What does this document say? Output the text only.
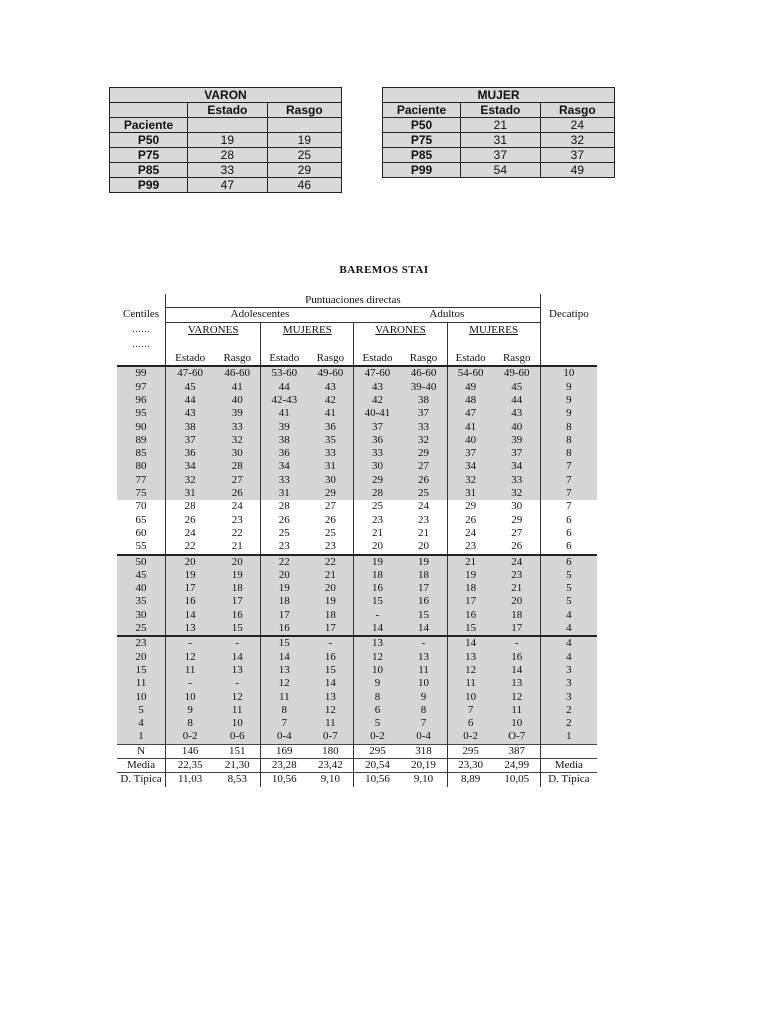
VARON		
	Estado	Rasgo
Paciente		
P50	19	19
P75	28	25
P85	33	29
P99	47	46
MUJER		
Paciente	Estado	Rasgo
P50	21	24
P75	31	32
P85	37	37
P99	54	49
BAREMOS STAI
	Puntuaciones directas								
Centiles	Adolescentes				Adultos				Decatipo
……	VARONES		MUJERES		VARONES		MUJERES		
……									
	Estado	Rasgo	Estado	Rasgo	Estado	Rasgo	Estado	Rasgo	
99	47-60	46-60	53-60	49-60	47-60	46-60	54-60	49-60	10
97	45	41	44	43	43	39-40	49	45	9
96	44	40	42-43	42	42	38	48	44	9
95	43	39	41	41	40-41	37	47	43	9
90	38	33	39	36	37	33	41	40	8
89	37	32	38	35	36	32	40	39	8
85	36	30	36	33	33	29	37	37	8
80	34	28	34	31	30	27	34	34	7
77	32	27	33	30	29	26	32	33	7
75	31	26	31	29	28	25	31	32	7
70	28	24	28	27	25	24	29	30	7
65	26	23	26	26	23	23	26	29	6
60	24	22	25	25	21	21	24	27	6
55	22	21	23	23	20	20	23	26	6
50	20	20	22	22	19	19	21	24	6
45	19	19	20	21	18	18	19	23	5
40	17	18	19	20	16	17	18	21	5
35	16	17	18	19	15	16	17	20	5
30	14	16	17	18	-	15	16	18	4
25	13	15	16	17	14	14	15	17	4
23	-	-	15	-	13	-	14	-	4
20	12	14	14	16	12	13	13	16	4
15	11	13	13	15	10	11	12	14	3
11	-	-	12	14	9	10	11	13	3
10	10	12	11	13	8	9	10	12	3
5	9	11	8	12	6	8	7	11	2
4	8	10	7	11	5	7	6	10	2
1	0-2	0-6	0-4	0-7	0-2	0-4	0-2	O-7	1
N	146	151	169	180	295	318	295	387	
Media	22,35	21,30	23,28	23,42	20,54	20,19	23,30	24,99	Media
D. Típica	11,03	8,53	10,56	9,10	10,56	9,10	8,89	10,05	D. Típica
